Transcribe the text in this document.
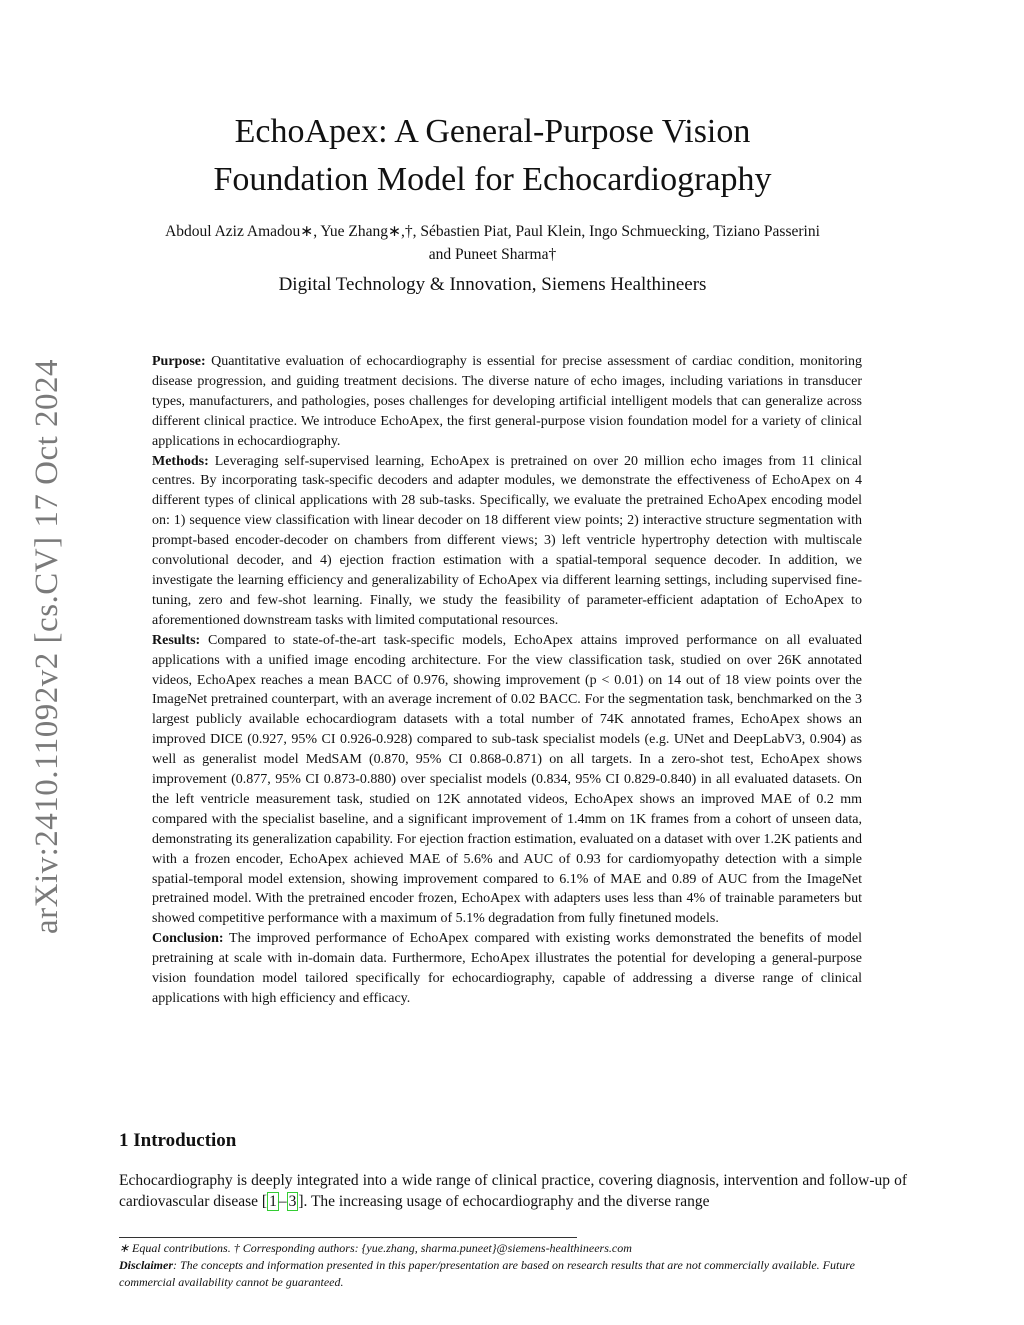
arXiv:2410.11092v2 [cs.CV] 17 Oct 2024
EchoApex: A General-Purpose Vision
Foundation Model for Echocardiography
Abdoul Aziz Amadou∗, Yue Zhang∗,†, Sébastien Piat, Paul Klein, Ingo Schmuecking, Tiziano Passerini
and Puneet Sharma†
Digital Technology & Innovation, Siemens Healthineers

Purpose: Quantitative evaluation of echocardiography is essential for precise assessment of cardiac condition, monitoring disease progression, and guiding treatment decisions. The diverse nature of echo images, including variations in transducer types, manufacturers, and pathologies, poses challenges for developing artificial intelligent models that can generalize across different clinical practice. We introduce EchoApex, the first general-purpose vision foundation model for a variety of clinical applications in echocardiography.

Methods: Leveraging self-supervised learning, EchoApex is pretrained on over 20 million echo images from 11 clinical centres. By incorporating task-specific decoders and adapter modules, we demonstrate the effectiveness of EchoApex on 4 different types of clinical applications with 28 sub-tasks. Specifically, we evaluate the pretrained EchoApex encoding model on: 1) sequence view classification with linear decoder on 18 different view points; 2) interactive structure segmentation with prompt-based encoder-decoder on chambers from different views; 3) left ventricle hypertrophy detection with multiscale convolutional decoder, and 4) ejection fraction estimation with a spatial-temporal sequence decoder. In addition, we investigate the learning efficiency and generalizability of EchoApex via different learning settings, including supervised fine-tuning, zero and few-shot learning. Finally, we study the feasibility of parameter-efficient adaptation of EchoApex to aforementioned downstream tasks with limited computational resources.

Results: Compared to state-of-the-art task-specific models, EchoApex attains improved performance on all evaluated applications with a unified image encoding architecture. For the view classification task, studied on over 26K annotated videos, EchoApex reaches a mean BACC of 0.976, showing improvement (p < 0.01) on 14 out of 18 view points over the ImageNet pretrained counterpart, with an average increment of 0.02 BACC. For the segmentation task, benchmarked on the 3 largest publicly available echocardiogram datasets with a total number of 74K annotated frames, EchoApex shows an improved DICE (0.927, 95% CI 0.926-0.928) compared to sub-task specialist models (e.g. UNet and DeepLabV3, 0.904) as well as generalist model MedSAM (0.870, 95% CI 0.868-0.871) on all targets. In a zero-shot test, EchoApex shows improvement (0.877, 95% CI 0.873-0.880) over specialist models (0.834, 95% CI 0.829-0.840) in all evaluated datasets. On the left ventricle measurement task, studied on 12K annotated videos, EchoApex shows an improved MAE of 0.2 mm compared with the specialist baseline, and a significant improvement of 1.4mm on 1K frames from a cohort of unseen data, demonstrating its generalization capability. For ejection fraction estimation, evaluated on a dataset with over 1.2K patients and with a frozen encoder, EchoApex achieved MAE of 5.6% and AUC of 0.93 for cardiomyopathy detection with a simple spatial-temporal model extension, showing improvement compared to 6.1% of MAE and 0.89 of AUC from the ImageNet pretrained model. With the pretrained encoder frozen, EchoApex with adapters uses less than 4% of trainable parameters but showed competitive performance with a maximum of 5.1% degradation from fully finetuned models.

Conclusion: The improved performance of EchoApex compared with existing works demonstrated the benefits of model pretraining at scale with in-domain data. Furthermore, EchoApex illustrates the potential for developing a general-purpose vision foundation model tailored specifically for echocardiography, capable of addressing a diverse range of clinical applications with high efficiency and efficacy.

1 Introduction
Echocardiography is deeply integrated into a wide range of clinical practice, covering diagnosis, intervention and follow-up of cardiovascular disease [ 1 – 3 ]. The increasing usage of echocardiography and the diverse range

∗ Equal contributions. † Corresponding authors: {yue.zhang, sharma.puneet}@siemens-healthineers.com

Disclaimer: The concepts and information presented in this paper/presentation are based on research results that are not commercially available. Future commercial availability cannot be guaranteed.
